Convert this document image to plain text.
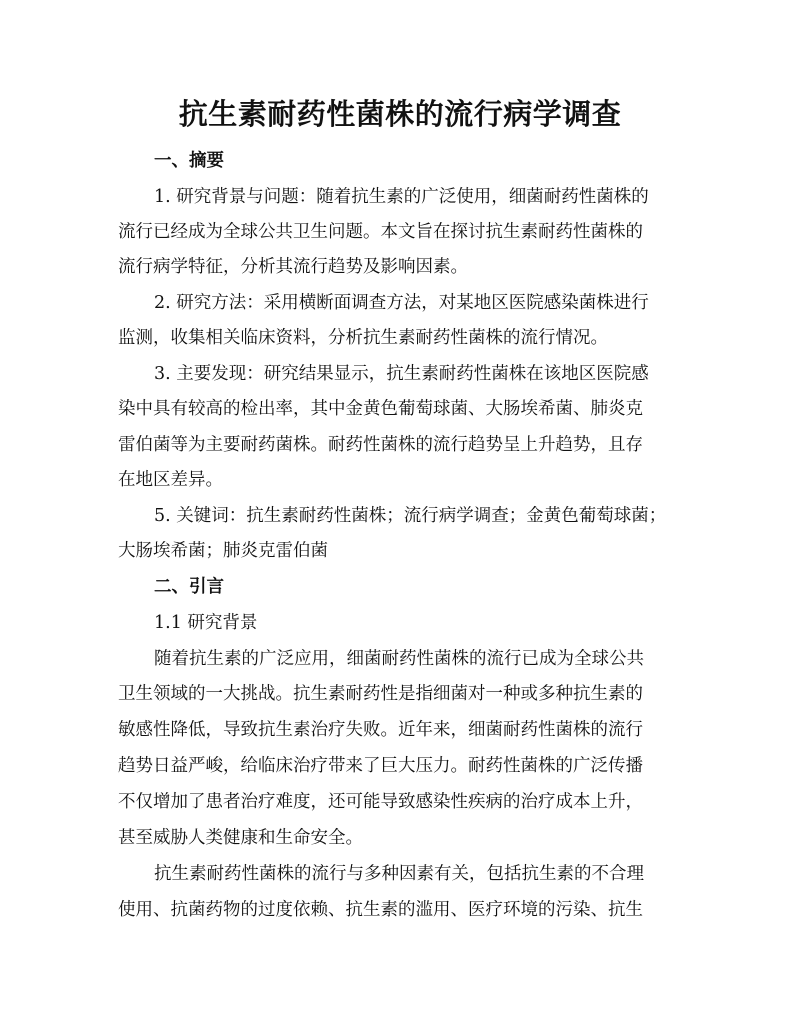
抗生素耐药性菌株的流行病学调查
一、摘要
1. 研究背景与问题：随着抗生素的广泛使用，细菌耐药性菌株的
流行已经成为全球公共卫生问题。本文旨在探讨抗生素耐药性菌株的
流行病学特征，分析其流行趋势及影响因素。
2. 研究方法：采用横断面调查方法，对某地区医院感染菌株进行
监测，收集相关临床资料，分析抗生素耐药性菌株的流行情况。
3. 主要发现：研究结果显示，抗生素耐药性菌株在该地区医院感
染中具有较高的检出率，其中金黄色葡萄球菌、大肠埃希菌、肺炎克
雷伯菌等为主要耐药菌株。耐药性菌株的流行趋势呈上升趋势，且存
在地区差异。
5. 关键词：抗生素耐药性菌株；流行病学调查；金黄色葡萄球菌；
大肠埃希菌；肺炎克雷伯菌
二、引言
1.1 研究背景
随着抗生素的广泛应用，细菌耐药性菌株的流行已成为全球公共
卫生领域的一大挑战。抗生素耐药性是指细菌对一种或多种抗生素的
敏感性降低，导致抗生素治疗失败。近年来，细菌耐药性菌株的流行
趋势日益严峻，给临床治疗带来了巨大压力。耐药性菌株的广泛传播
不仅增加了患者治疗难度，还可能导致感染性疾病的治疗成本上升，
甚至威胁人类健康和生命安全。
抗生素耐药性菌株的流行与多种因素有关，包括抗生素的不合理
使用、抗菌药物的过度依赖、抗生素的滥用、医疗环境的污染、抗生
